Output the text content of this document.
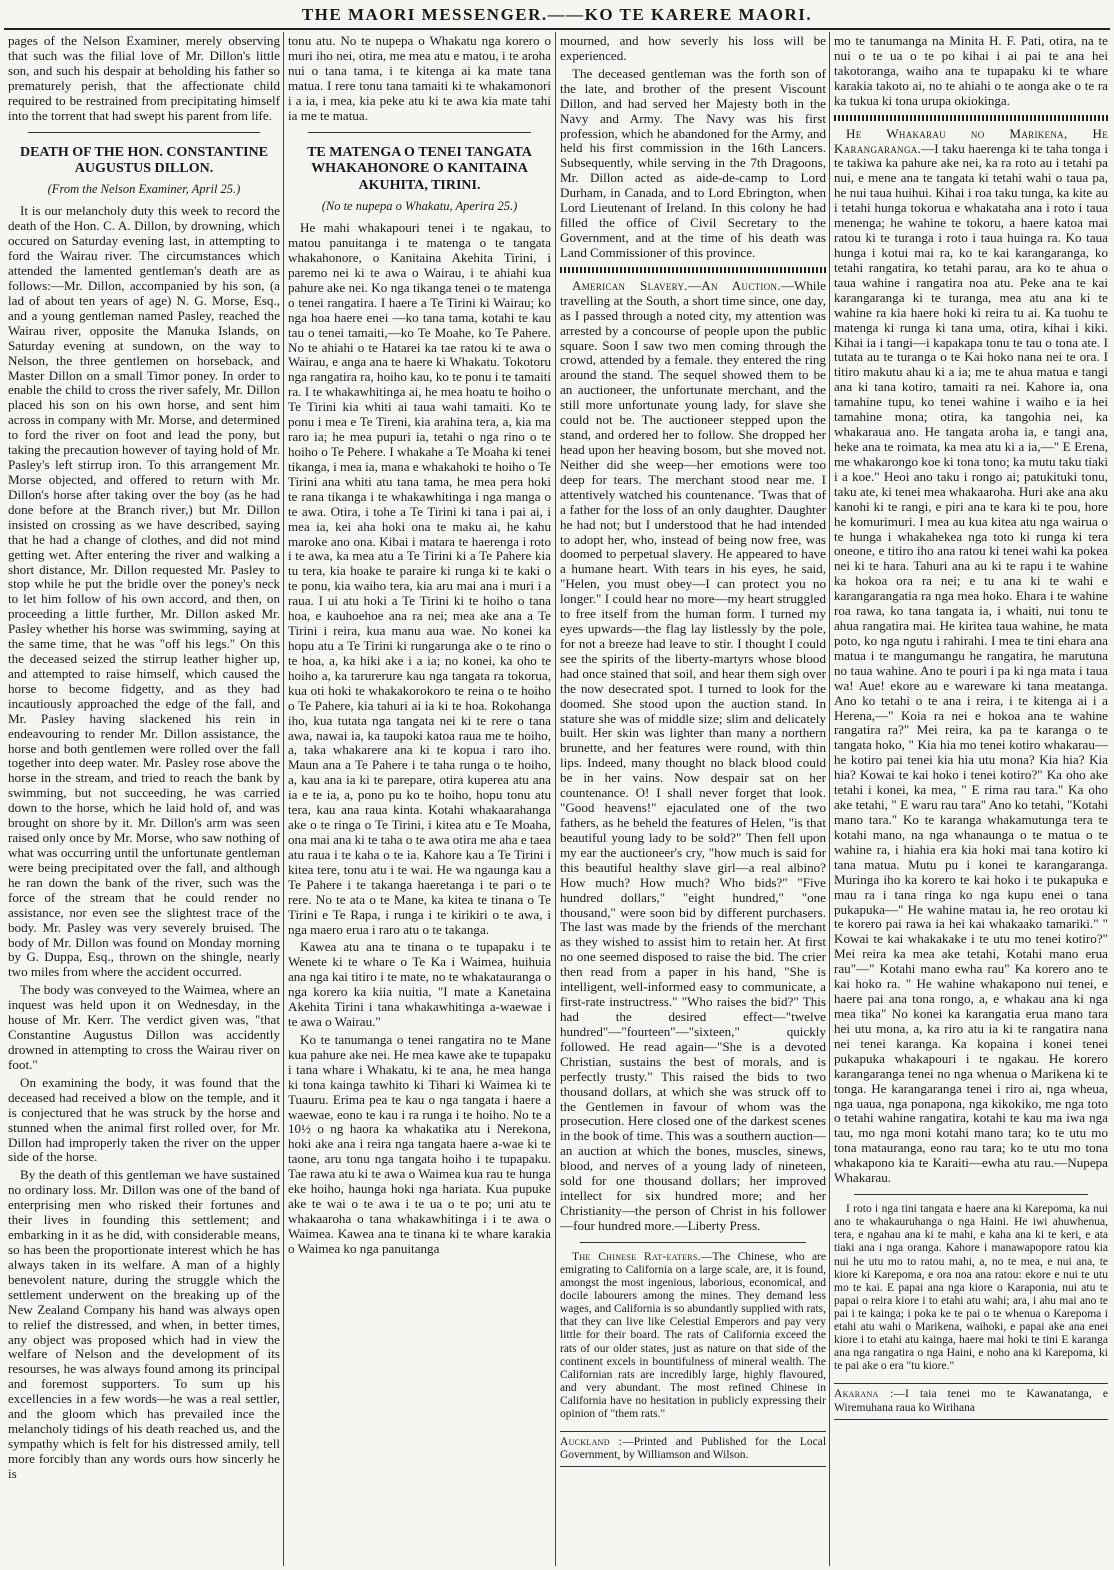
THE MAORI MESSENGER.——KO TE KARERE MAORI.

pages of the Nelson Examiner, merely observing that such was the filial love of Mr. Dillon's little son, and such his despair at beholding his father so prematurely perish, that the affectionate child required to be restrained from precipitating himself into the torrent that had swept his parent from life.

DEATH OF THE HON. CONSTANTINE AUGUSTUS DILLON.
(From the Nelson Examiner, April 25.)

It is our melancholy duty this week to record the death of the Hon. C. A. Dillon, by drowning, which occured on Saturday evening last, in attempting to ford the Wairau river. The circumstances which attended the lamented gentleman's death are as follows:—Mr. Dillon, accompanied by his son, (a lad of about ten years of age) N. G. Morse, Esq., and a young gentleman named Pasley, reached the Wairau river, opposite the Manuka Islands, on Saturday evening at sundown, on the way to Nelson, the three gentlemen on horseback, and Master Dillon on a small Timor poney. In order to enable the child to cross the river safely, Mr. Dillon placed his son on his own horse, and sent him across in company with Mr. Morse, and determined to ford the river on foot and lead the pony, but taking the precaution however of taying hold of Mr. Pasley's left stirrup iron. To this arrangement Mr. Morse objected, and offered to return with Mr. Dillon's horse after taking over the boy (as he had done before at the Branch river,) but Mr. Dillon insisted on crossing as we have described, saying that he had a change of clothes, and did not mind getting wet. After entering the river and walking a short distance, Mr. Dillon requested Mr. Pasley to stop while he put the bridle over the poney's neck to let him follow of his own accord, and then, on proceeding a little further, Mr. Dillon asked Mr. Pasley whether his horse was swimming, saying at the same time, that he was "off his legs." On this the deceased seized the stirrup leather higher up, and attempted to raise himself, which caused the horse to become fidgetty, and as they had incautiously approached the edge of the fall, and Mr. Pasley having slackened his rein in endeavouring to render Mr. Dillon assistance, the horse and both gentlemen were rolled over the fall together into deep water. Mr. Pasley rose above the horse in the stream, and tried to reach the bank by swimming, but not succeeding, he was carried down to the horse, which he laid hold of, and was brought on shore by it. Mr. Dillon's arm was seen raised only once by Mr. Morse, who saw nothing of what was occurring until the unfortunate gentleman were being precipitated over the fall, and although he ran down the bank of the river, such was the force of the stream that he could render no assistance, nor even see the slightest trace of the body. Mr. Pasley was very severely bruised. The body of Mr. Dillon was found on Monday morning by G. Duppa, Esq., thrown on the shingle, nearly two miles from where the accident occurred.

The body was conveyed to the Waimea, where an inquest was held upon it on Wednesday, in the house of Mr. Kerr. The verdict given was, "that Constantine Augustus Dillon was accidently drowned in attempting to cross the Wairau river on foot."

On examining the body, it was found that the deceased had received a blow on the temple, and it is conjectured that he was struck by the horse and stunned when the animal first rolled over, for Mr. Dillon had improperly taken the river on the upper side of the horse.

By the death of this gentleman we have sustained no ordinary loss. Mr. Dillon was one of the band of enterprising men who risked their fortunes and their lives in founding this settlement; and embarking in it as he did, with considerable means, so has been the proportionate interest which he has always taken in its welfare. A man of a highly benevolent nature, during the struggle which the settlement underwent on the breaking up of the New Zealand Company his hand was always open to relief the distressed, and when, in better times, any object was proposed which had in view the welfare of Nelson and the development of its resourses, he was always found among its principal and foremost supporters. To sum up his excellencies in a few words—he was a real settler, and the gloom which has prevailed ince the melancholy tidings of his death reached us, and the sympathy which is felt for his distressed amily, tell more forcibly than any words ours how sincerly he is

tonu atu. No te nupepa o Whakatu nga korero o muri iho nei, otira, me mea atu e matou, i te aroha nui o tana tama, i te kitenga ai ka mate tana matua. I rere tonu tana tamaiti ki te whakamonori i a ia, i mea, kia peke atu ki te awa kia mate tahi ia me te matua.

TE MATENGA O TENEI TANGATA WHAKAHONORE O KANITAINA AKUHITA, TIRINI.
(No te nupepa o Whakatu, Aperira 25.)

He mahi whakapouri tenei i te ngakau, to matou panuitanga i te matenga o te tangata whakahonore, o Kanitaina Akehita Tirini, i paremo nei ki te awa o Wairau, i te ahiahi kua pahure ake nei. Ko nga tikanga tenei o te matenga o tenei rangatira. I haere a Te Tirini ki Wairau; ko nga hoa haere enei —ko tana tama, kotahi te kau tau o tenei tamaiti,—ko Te Moahe, ko Te Pahere. No te ahiahi o te Hatarei ka tae ratou ki te awa o Wairau, e anga ana te haere ki Whakatu. Tokotoru nga rangatira ra, hoiho kau, ko te ponu i te tamaiti ra. I te whakawhitinga ai, he mea hoatu te hoiho o Te Tirini kia whiti ai taua wahi tamaiti. Ko te ponu i mea e Te Tireni, kia arahina tera, a, kia ma raro ia; he mea pupuri ia, tetahi o nga rino o te hoiho o Te Pehere. I whakahe a Te Moaha ki tenei tikanga, i mea ia, mana e whakahoki te hoiho o Te Tirini ana whiti atu tana tama, he mea pera hoki te rana tikanga i te whakawhitinga i nga manga o te awa. Otira, i tohe a Te Tirini ki tana i pai ai, i mea ia, kei aha hoki ona te maku ai, he kahu maroke ano ona. Kibai i matara te haerenga i roto i te awa, ka mea atu a Te Tirini ki a Te Pahere kia tu tera, kia hoake te paraire ki runga ki te kaki o te ponu, kia waiho tera, kia aru mai ana i muri i a raua. I ui atu hoki a Te Tirini ki te hoiho o tana hoa, e kauhoehoe ana ra nei; mea ake ana a Te Tirini i reira, kua manu aua wae. No konei ka hopu atu a Te Tirini ki rungarunga ake o te rino o te hoa, a, ka hiki ake i a ia; no konei, ka oho te hoiho a, ka tarurerure kau nga tangata ra tokorua, kua oti hoki te whakakorokoro te reina o te hoiho o Te Pahere, kia tahuri ai ia ki te hoa. Rokohanga iho, kua tutata nga tangata nei ki te rere o tana awa, nawai ia, ka taupoki katoa raua me te hoiho, a, taka whakarere ana ki te kopua i raro iho. Maun ana a Te Pahere i te taha runga o te hoiho, a, kau ana ia ki te parepare, otira kuperea atu ana ia e te ia, a, pono pu ko te hoiho, hopu tonu atu tera, kau ana raua kinta. Kotahi whakaarahanga ake o te ringa o Te Tirini, i kitea atu e Te Moaha, ona mai ana ki te taha o te awa otira me aha e taea atu raua i te kaha o te ia. Kahore kau a Te Tirini i kitea tere, tonu atu i te wai. He wa ngaunga kau a Te Pahere i te takanga haeretanga i te pari o te rere. No te ata o te Mane, ka kitea te tinana o Te Tirini e Te Rapa, i runga i te kirikiri o te awa, i nga maero erua i raro atu o te takanga.

Kawea atu ana te tinana o te tupapaku i te Wenete ki te whare o Te Ka i Waimea, huihuia ana nga kai titiro i te mate, no te whakatauranga o nga korero ka kiia nuitia, "I mate a Kanetaina Akehita Tirini i tana whakawhitinga a-waewae i te awa o Wairau."

Ko te tanumanga o tenei rangatira no te Mane kua pahure ake nei. He mea kawe ake te tupapaku i tana whare i Whakatu, ki te ana, he mea hanga ki tona kainga tawhito ki Tihari ki Waimea ki te Tuauru. Erima pea te kau o nga tangata i haere a waewae, eono te kau i ra runga i te hoiho. No te a 10½ o ng haora ka whakatika atu i Nerekona, hoki ake ana i reira nga tangata haere a-wae ki te taone, aru tonu nga tangata hoiho i te tupapaku. Tae rawa atu ki te awa o Waimea kua rau te hunga eke hoiho, haunga hoki nga hariata. Kua pupuke ake te wai o te awa i te ua o te po; uni atu te whakaaroha o tana whakawhitinga i i te awa o Waimea. Kawea ana te tinana ki te whare karakia o Waimea ko nga panuitanga

mourned, and how severly his loss will be experienced.

The deceased gentleman was the forth son of the late, and brother of the present Viscount Dillon, and had served her Majesty both in the Navy and Army. The Navy was his first profession, which he abandoned for the Army, and held his first commission in the 16th Lancers. Subsequently, while serving in the 7th Dragoons, Mr. Dillon acted as aide-de-camp to Lord Durham, in Canada, and to Lord Ebrington, when Lord Lieutenant of Ireland. In this colony he had filled the office of Civil Secretary to the Government, and at the time of his death was Land Commissioner of this province.

American Slavery.—An Auction.—While travelling at the South, a short time since, one day, as I passed through a noted city, my attention was arrested by a concourse of people upon the public square. Soon I saw two men coming through the crowd, attended by a female. they entered the ring around the stand. The sequel showed them to be an auctioneer, the unfortunate merchant, and the still more unfortunate young lady, for slave she could not be. The auctioneer stepped upon the stand, and ordered her to follow. She dropped her head upon her heaving bosom, but she moved not. Neither did she weep—her emotions were too deep for tears. The merchant stood near me. I attentively watched his countenance. 'Twas that of a father for the loss of an only daughter. Daughter he had not; but I understood that he had intended to adopt her, who, instead of being now free, was doomed to perpetual slavery. He appeared to have a humane heart. With tears in his eyes, he said, "Helen, you must obey—I can protect you no longer." I could hear no more—my heart struggled to free itself from the human form. I turned my eyes upwards—the flag lay listlessly by the pole, for not a breeze had leave to stir. I thought I could see the spirits of the liberty-martyrs whose blood had once stained that soil, and hear them sigh over the now desecrated spot. I turned to look for the doomed. She stood upon the auction stand. In stature she was of middle size; slim and delicately built. Her skin was lighter than many a northern brunette, and her features were round, with thin lips. Indeed, many thought no black blood could be in her vains. Now despair sat on her countenance. O! I shall never forget that look. "Good heavens!" ejaculated one of the two fathers, as he beheld the features of Helen, "is that beautiful young lady to be sold?" Then fell upon my ear the auctioneer's cry, "how much is said for this beautiful healthy slave girl—a real albino? How much? How much? Who bids?" "Five hundred dollars," "eight hundred," "one thousand," were soon bid by different purchasers. The last was made by the friends of the merchant as they wished to assist him to retain her. At first no one seemed disposed to raise the bid. The crier then read from a paper in his hand, "She is intelligent, well-informed easy to communicate, a first-rate instructress." "Who raises the bid?" This had the desired effect—"twelve hundred"—"fourteen"—"sixteen," quickly followed. He read again—"She is a devoted Christian, sustains the best of morals, and is perfectly trusty." This raised the bids to two thousand dollars, at which she was struck off to the Gentlemen in favour of whom was the prosecution. Here closed one of the darkest scenes in the book of time. This was a southern auction—an auction at which the bones, muscles, sinews, blood, and nerves of a young lady of nineteen, sold for one thousand dollars; her improved intellect for six hundred more; and her Christianity—the person of Christ in his follower—four hundred more.—Liberty Press.

The Chinese Rat-eaters.—The Chinese, who are emigrating to California on a large scale, are, it is found, amongst the most ingenious, laborious, economical, and docile labourers among the mines. They demand less wages, and California is so abundantly supplied with rats, that they can live like Celestial Emperors and pay very little for their board. The rats of California exceed the rats of our older states, just as nature on that side of the continent excels in bountifulness of mineral wealth. The Californian rats are incredibly large, highly flavoured, and very abundant. The most refined Chinese in California have no hesitation in publicly expressing their opinion of "them rats."

Auckland :—Printed and Published for the Local Government, by Williamson and Wilson.

mo te tanumanga na Minita H. F. Pati, otira, na te nui o te ua o te po kihai i ai pai te ana hei takotoranga, waiho ana te tupapaku ki te whare karakia takoto ai, no te ahiahi o te aonga ake o te ra ka tukua ki tona urupa okiokinga.

He Whakarau no Marikena, He Karangaranga.—I taku haerenga ki te taha tonga i te takiwa ka pahure ake nei, ka ra roto au i tetahi pa nui, e mene ana te tangata ki tetahi wahi o taua pa, he nui taua huihui. Kihai i roa taku tunga, ka kite au i tetahi hunga tokorua e whakataha ana i roto i taua menenga; he wahine te tokoru, a haere katoa mai ratou ki te turanga i roto i taua huinga ra. Ko taua hunga i kotui mai ra, ko te kai karangaranga, ko tetahi rangatira, ko tetahi parau, ara ko te ahua o taua wahine i rangatira noa atu. Peke ana te kai karangaranga ki te turanga, mea atu ana ki te wahine ra kia haere hoki ki reira tu ai. Ka tuohu te matenga ki runga ki tana uma, otira, kihai i kiki. Kihai ia i tangi—i kapakapa tonu te tau o tona ate. I tutata au te turanga o te Kai hoko nana nei te ora. I titiro makutu ahau ki a ia; me te ahua matua e tangi ana ki tana kotiro, tamaiti ra nei. Kahore ia, ona tamahine tupu, ko tenei wahine i waiho e ia hei tamahine mona; otira, ka tangohia nei, ka whakaraua ano. He tangata aroha ia, e tangi ana, heke ana te roimata, ka mea atu ki a ia,—" E Erena, me whakarongo koe ki tona tono; ka mutu taku tiaki i a koe." Heoi ano taku i rongo ai; patukituki tonu, taku ate, ki tenei mea whakaaroha. Huri ake ana aku kanohi ki te rangi, e piri ana te kara ki te pou, hore he komurimuri. I mea au kua kitea atu nga wairua o te hunga i whakahekea nga toto ki runga ki tera oneone, e titiro iho ana ratou ki tenei wahi ka pokea nei ki te hara. Tahuri ana au ki te rapu i te wahine ka hokoa ora ra nei; e tu ana ki te wahi e karangarangatia ra nga mea hoko. Ehara i te wahine roa rawa, ko tana tangata ia, i whaiti, nui tonu te ahua rangatira mai. He kiritea taua wahine, he mata poto, ko nga ngutu i rahirahi. I mea te tini ehara ana matua i te mangumangu he rangatira, he marutuna no taua wahine. Ano te pouri i pa ki nga mata i taua wa! Aue! ekore au e wareware ki tana meatanga. Ano ko tetahi o te ana i reira, i te kitenga ai i a Herena,—" Koia ra nei e hokoa ana te wahine rangatira ra?" Mei reira, ka pa te karanga o te tangata hoko, " Kia hia mo tenei kotiro whakarau—he kotiro pai tenei kia hia utu mona? Kia hia? Kia hia? Kowai te kai hoko i tenei kotiro?" Ka oho ake tetahi i konei, ka mea, " E rima rau tara." Ka oho ake tetahi, " E waru rau tara" Ano ko tetahi, "Kotahi mano tara." Ko te karanga whakamutunga tera te kotahi mano, na nga whanaunga o te matua o te wahine ra, i hiahia era kia hoki mai tana kotiro ki tana matua. Mutu pu i konei te karangaranga. Muringa iho ka korero te kai hoko i te pukapuka e mau ra i tana ringa ko nga kupu enei o tana pukapuka—" He wahine matau ia, he reo orotau ki te korero pai rawa ia hei kai whakaako tamariki." " Kowai te kai whakakake i te utu mo tenei kotiro?" Mei reira ka mea ake tetahi, Kotahi mano erua rau"—" Kotahi mano ewha rau" Ka korero ano te kai hoko ra. " He wahine whakapono nui tenei, e haere pai ana tona rongo, a, e whakau ana ki nga mea tika" No konei ka karangatia erua mano tara hei utu mona, a, ka riro atu ia ki te rangatira nana nei tenei karanga. Ka kopaina i konei tenei pukapuka whakapouri i te ngakau. He korero karangaranga tenei no nga whenua o Marikena ki te tonga. He karangaranga tenei i riro ai, nga wheua, nga uaua, nga ponapona, nga kikokiko, me nga toto o tetahi wahine rangatira, kotahi te kau ma iwa nga tau, mo nga moni kotahi mano tara; ko te utu mo tona matauranga, eono rau tara; ko te utu mo tona whakapono kia te Karaiti—ewha atu rau.—Nupepa Whakarau.

I roto i nga tini tangata e haere ana ki Karepoma, ka nui ano te whakauruhanga o nga Haini. He iwi ahuwhenua, tera, e ngahau ana ki te mahi, e kaha ana ki te keri, e ata tiaki ana i nga oranga. Kahore i manawapopore ratou kia nui he utu mo to ratou mahi, a, no te mea, e nui ana, te kiore ki Karepoma, e ora noa ana ratou: ekore e nui te utu mo te kai. E papai ana nga kiore o Karaponia, nui atu te papai o reira kiore i to etahi atu wahi; ara, i ahu mai ano te pai i te kainga; i poka ke te pai o te whenua o Karepoma i etahi atu wahi o Marikena, waihoki, e papai ake ana enei kiore i to etahi atu kainga, haere mai hoki te tini E karanga ana nga rangatira o nga Haini, e noho ana ki Karepoma, ki te pai ake o era "tu kiore."

Akarana :—I taia tenei mo te Kawanatanga, e Wiremuhana raua ko Wirihana
